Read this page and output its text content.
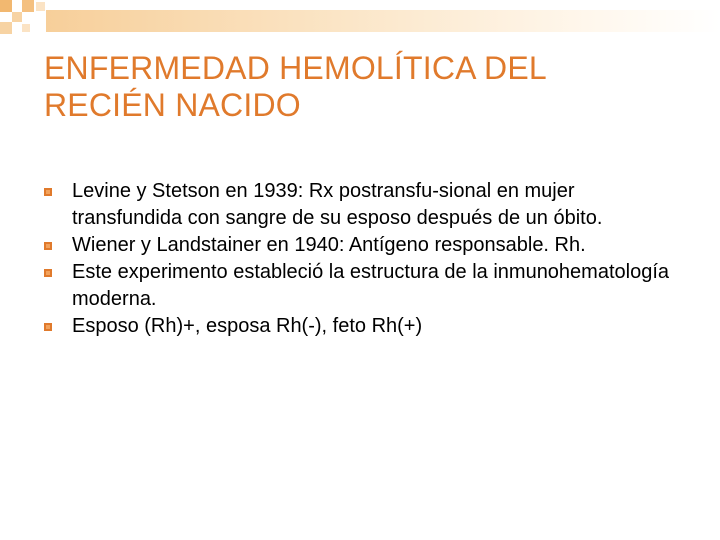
ENFERMEDAD HEMOLÍTICA DEL
RECIÉN NACIDO
Levine y Stetson en 1939: Rx postransfu-sional en mujer transfundida con sangre de su esposo después de un óbito.
Wiener y Landstainer en 1940: Antígeno responsable. Rh.
Este experimento estableció la estructura de la inmunohematología moderna.
Esposo (Rh)+, esposa Rh(-), feto Rh(+)
